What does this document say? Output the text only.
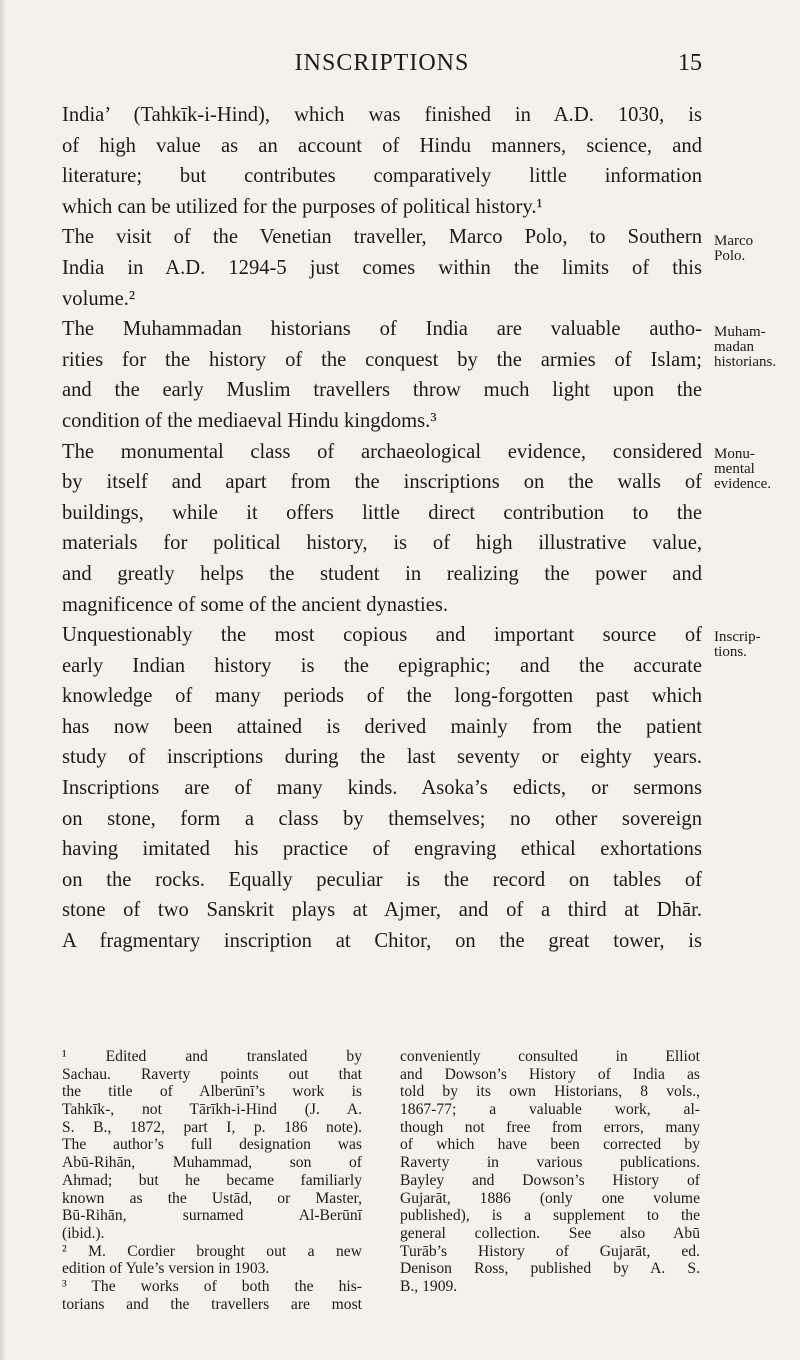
INSCRIPTIONS	15
India’ (Tahkīk-i-Hind), which was finished in A.D. 1030, is
of high value as an account of Hindu manners, science, and
literature; but contributes comparatively little information
which can be utilized for the purposes of political history.¹
The visit of the Venetian traveller, Marco Polo, to Southern
India in A.D. 1294-5 just comes within the limits of this
volume.²
The Muhammadan historians of India are valuable autho-
rities for the history of the conquest by the armies of Islam;
and the early Muslim travellers throw much light upon the
condition of the mediaeval Hindu kingdoms.³
The monumental class of archaeological evidence, considered
by itself and apart from the inscriptions on the walls of
buildings, while it offers little direct contribution to the
materials for political history, is of high illustrative value,
and greatly helps the student in realizing the power and
magnificence of some of the ancient dynasties.
Unquestionably the most copious and important source of
early Indian history is the epigraphic; and the accurate
knowledge of many periods of the long-forgotten past which
has now been attained is derived mainly from the patient
study of inscriptions during the last seventy or eighty years.
Inscriptions are of many kinds. Asoka’s edicts, or sermons
on stone, form a class by themselves; no other sovereign
having imitated his practice of engraving ethical exhortations
on the rocks. Equally peculiar is the record on tables of
stone of two Sanskrit plays at Ajmer, and of a third at Dhār.
A fragmentary inscription at Chitor, on the great tower, is
Marco
Polo.
Muham-
madan
historians.
Monu-
mental
evidence.
Inscrip-
tions.
¹ Edited and translated by
Sachau. Raverty points out that
the title of Alberūnī’s work is
Tahkīk-, not Tārīkh-i-Hind (J. A.
S. B., 1872, part I, p. 186 note).
The author’s full designation was
Abū-Rihān, Muhammad, son of
Ahmad; but he became familiarly
known as the Ustād, or Master,
Bū-Rihān, surnamed Al-Berūnī
(ibid.).
² M. Cordier brought out a new
edition of Yule’s version in 1903.
³ The works of both the his-
torians and the travellers are most
conveniently consulted in Elliot
and Dowson’s History of India as
told by its own Historians, 8 vols.,
1867-77; a valuable work, al-
though not free from errors, many
of which have been corrected by
Raverty in various publications.
Bayley and Dowson’s History of
Gujarāt, 1886 (only one volume
published), is a supplement to the
general collection. See also Abū
Turāb’s History of Gujarāt, ed.
Denison Ross, published by A. S.
B., 1909.
